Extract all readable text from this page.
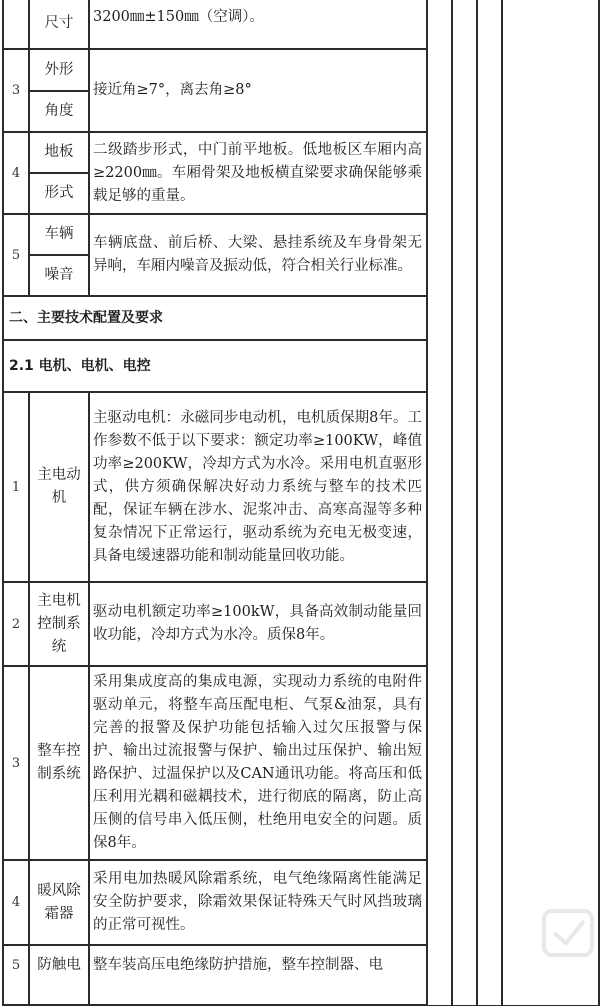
	尺寸	3200㎜±150㎜（空调）。				
3	外形	接近角≥7°，离去角≥8°				
	角度					
4	地板	二级踏步形式，中门前平地板。低地板区车厢内高≥2200㎜。车厢骨架及地板横直梁要求确保能够乘载足够的重量。				
	形式					
5	车辆	车辆底盘、前后桥、大梁、悬挂系统及车身骨架无异响，车厢内噪音及振动低，符合相关行业标准。				
	噪音					
二、主要技术配置及要求						
2.1 电机、电机、电控						
1	主电动机	主驱动电机：永磁同步电动机，电机质保期8年。工作参数不低于以下要求：额定功率≥100KW，峰值功率≥200KW，冷却方式为水冷。采用电机直驱形式，供方须确保解决好动力系统与整车的技术匹配，保证车辆在涉水、泥浆冲击、高寒高湿等多种复杂情况下正常运行，驱动系统为充电无极变速，具备电缓速器功能和制动能量回收功能。				
2	主电机控制系统	驱动电机额定功率≥100kW，具备高效制动能量回收功能，冷却方式为水冷。质保8年。				
3	整车控制系统	采用集成度高的集成电源，实现动力系统的电附件驱动单元，将整车高压配电柜、气泵&油泵，具有完善的报警及保护功能包括输入过欠压报警与保护、输出过流报警与保护、输出过压保护、输出短路保护、过温保护以及CAN通讯功能。将高压和低压利用光耦和磁耦技术，进行彻底的隔离，防止高压侧的信号串入低压侧，杜绝用电安全的问题。质保8年。				
4	暖风除霜器	采用电加热暖风除霜系统，电气绝缘隔离性能满足安全防护要求，除霜效果保证特殊天气时风挡玻璃的正常可视性。				
5	防触电	整车装高压电绝缘防护措施，整车控制器、电				
